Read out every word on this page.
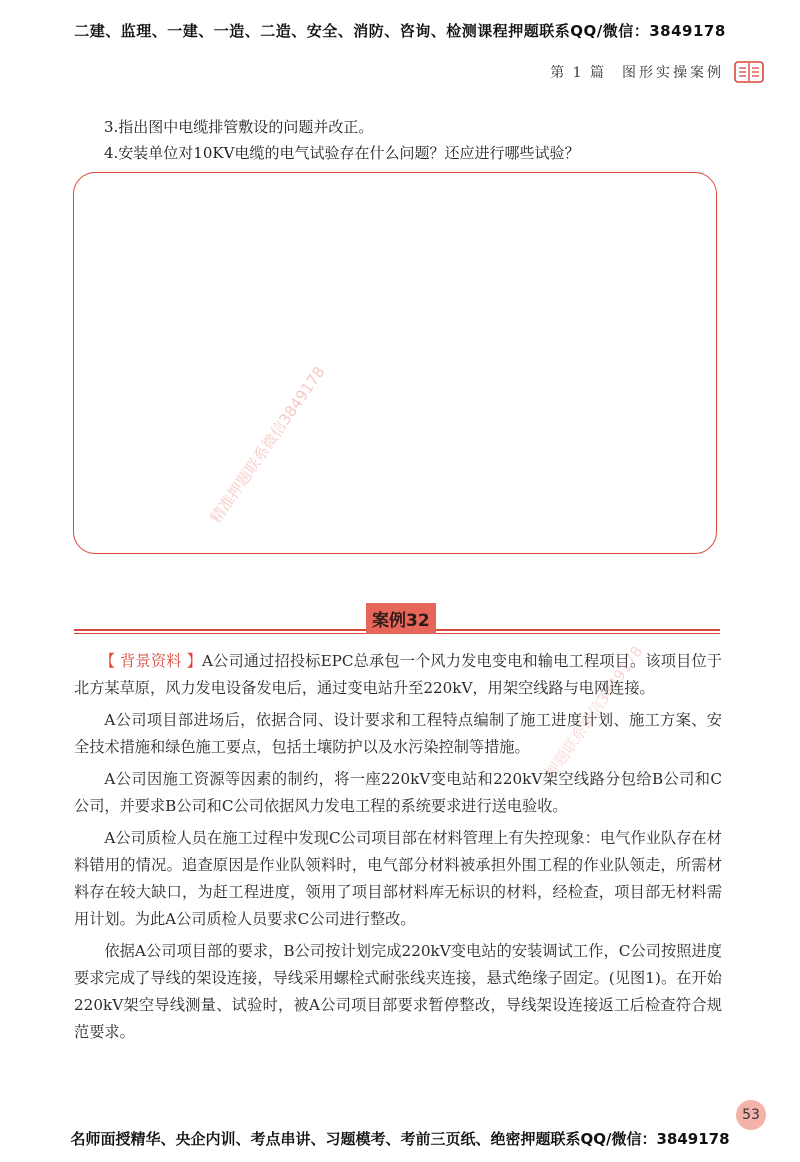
二建、监理、一建、一造、二造、安全、消防、咨询、检测课程押题联系QQ/微信：3849178
第 1 篇 图形实操案例
3.指出图中电缆排管敷设的问题并改正。
4.安装单位对10KV电缆的电气试验存在什么问题？还应进行哪些试验？
精准押题联系微信3849178
押题联系微信3849178
案例32

【 背景资料 】A公司通过招投标EPC总承包一个风力发电变电和输电工程项目。该项目位于北方某草原，风力发电设备发电后，通过变电站升至220kV，用架空线路与电网连接。

A公司项目部进场后，依据合同、设计要求和工程特点编制了施工进度计划、施工方案、安全技术措施和绿色施工要点，包括土壤防护以及水污染控制等措施。

A公司因施工资源等因素的制约，将一座220kV变电站和220kV架空线路分包给B公司和C公司，并要求B公司和C公司依据风力发电工程的系统要求进行送电验收。

A公司质检人员在施工过程中发现C公司项目部在材料管理上有失控现象：电气作业队存在材料错用的情况。追查原因是作业队领料时，电气部分材料被承担外围工程的作业队领走，所需材料存在较大缺口，为赶工程进度，领用了项目部材料库无标识的材料，经检查，项目部无材料需用计划。为此A公司质检人员要求C公司进行整改。

依据A公司项目部的要求，B公司按计划完成220kV变电站的安装调试工作，C公司按照进度要求完成了导线的架设连接，导线采用螺栓式耐张线夹连接，悬式绝缘子固定。(见图1)。在开始220kV架空导线测量、试验时，被A公司项目部要求暂停整改，导线架设连接返工后检查符合规范要求。

53
名师面授精华、央企内训、考点串讲、习题模考、考前三页纸、绝密押题联系QQ/微信：3849178
